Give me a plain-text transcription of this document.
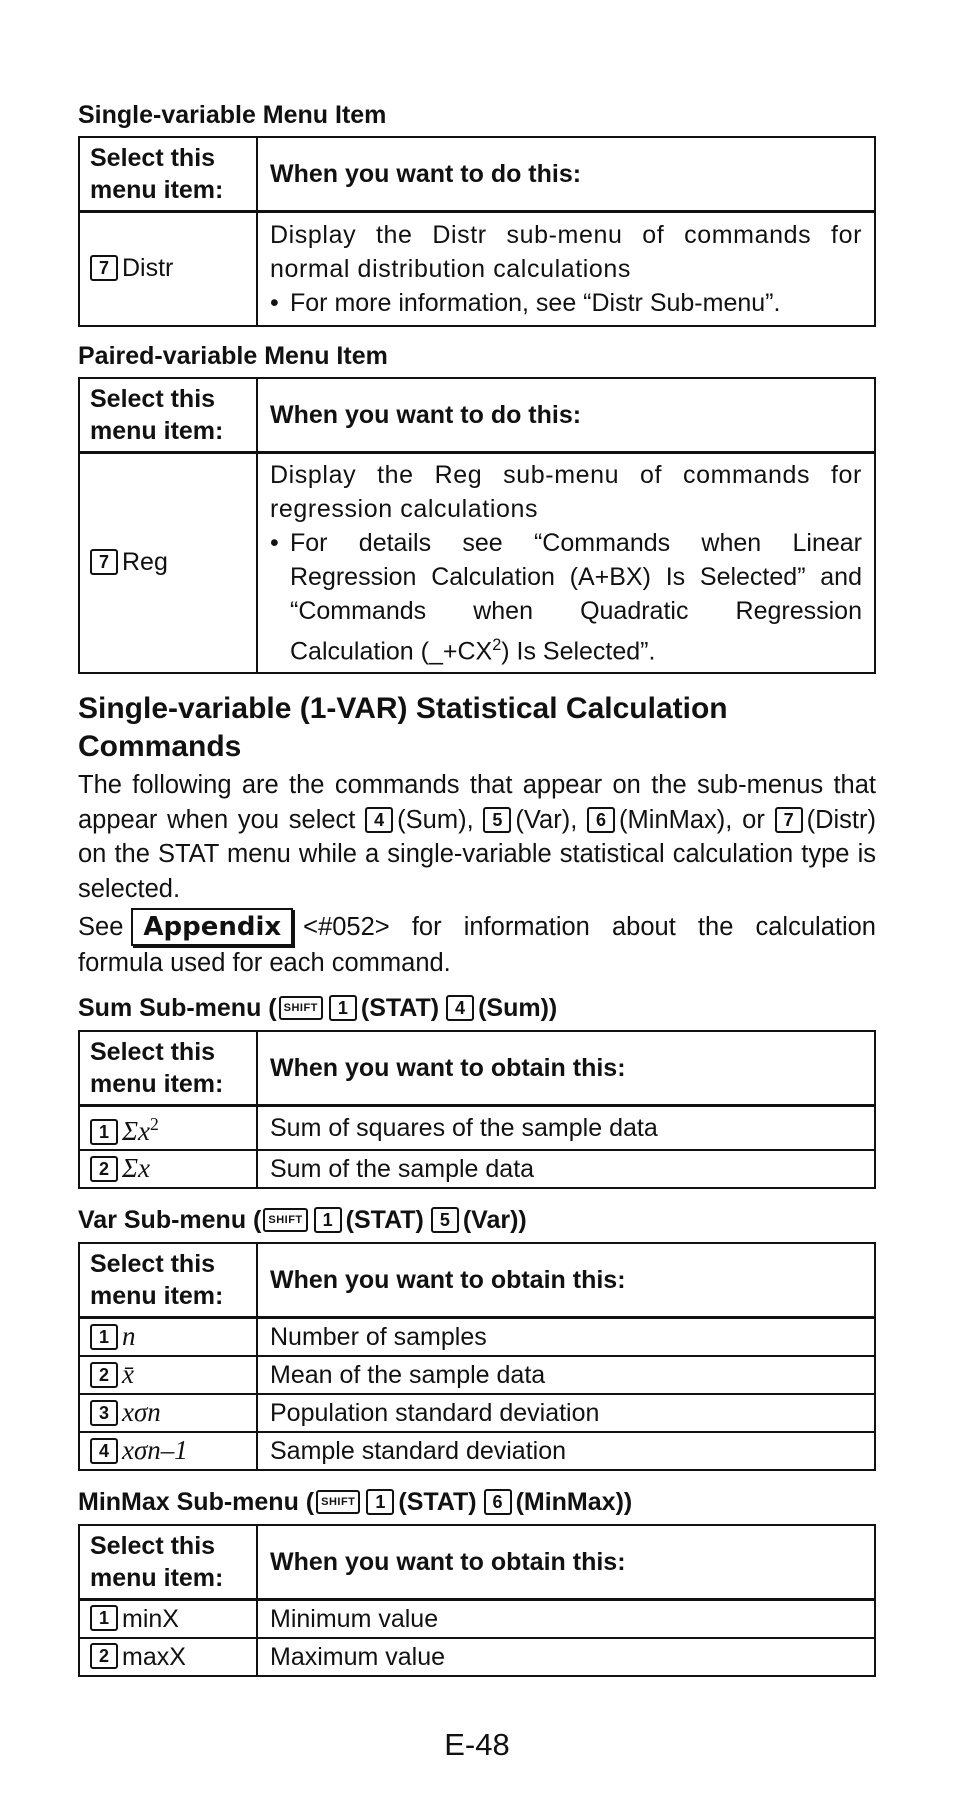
Single-variable Menu Item

Select this
menu item:	When you want to do this:
7 Distr	Display the Distr sub-menu of commands for normal distribution calculations
• For more information, see “Distr Sub-menu”.

Paired-variable Menu Item

Select this
menu item:	When you want to do this:
7 Reg	Display the Reg sub-menu of commands for regression calculations
• For details see “Commands when Linear Regression Calculation (A+BX) Is Selected” and “Commands when Quadratic Regression Calculation $(\_+CX^2)$ Is Selected”.
Single-variable (1-VAR) Statistical Calculation Commands

The following are the commands that appear on the sub-menus that appear when you select 4 (Sum), 5 (Var), 6 (MinMax), or 7 (Distr) on the STAT menu while a single-variable statistical calculation type is selected.

See Appendix <#052> for information about the calculation formula used for each command.

Sum Sub-menu ( SHIFT 1 (STAT) 4 (Sum))

Select this
menu item:	When you want to obtain this:
1 $\Sigma x^2$	Sum of squares of the sample data
2 Σx	Sum of the sample data

Var Sub-menu ( SHIFT 1 (STAT) 5 (Var))

Select this
menu item:	When you want to obtain this:
1 n	Number of samples
2 x̄	Mean of the sample data
3 xσn	Population standard deviation
4 xσn–1	Sample standard deviation

MinMax Sub-menu ( SHIFT 1 (STAT) 6 (MinMax))

Select this
menu item:	When you want to obtain this:
1 minX	Minimum value
2 maxX	Maximum value
E-48
